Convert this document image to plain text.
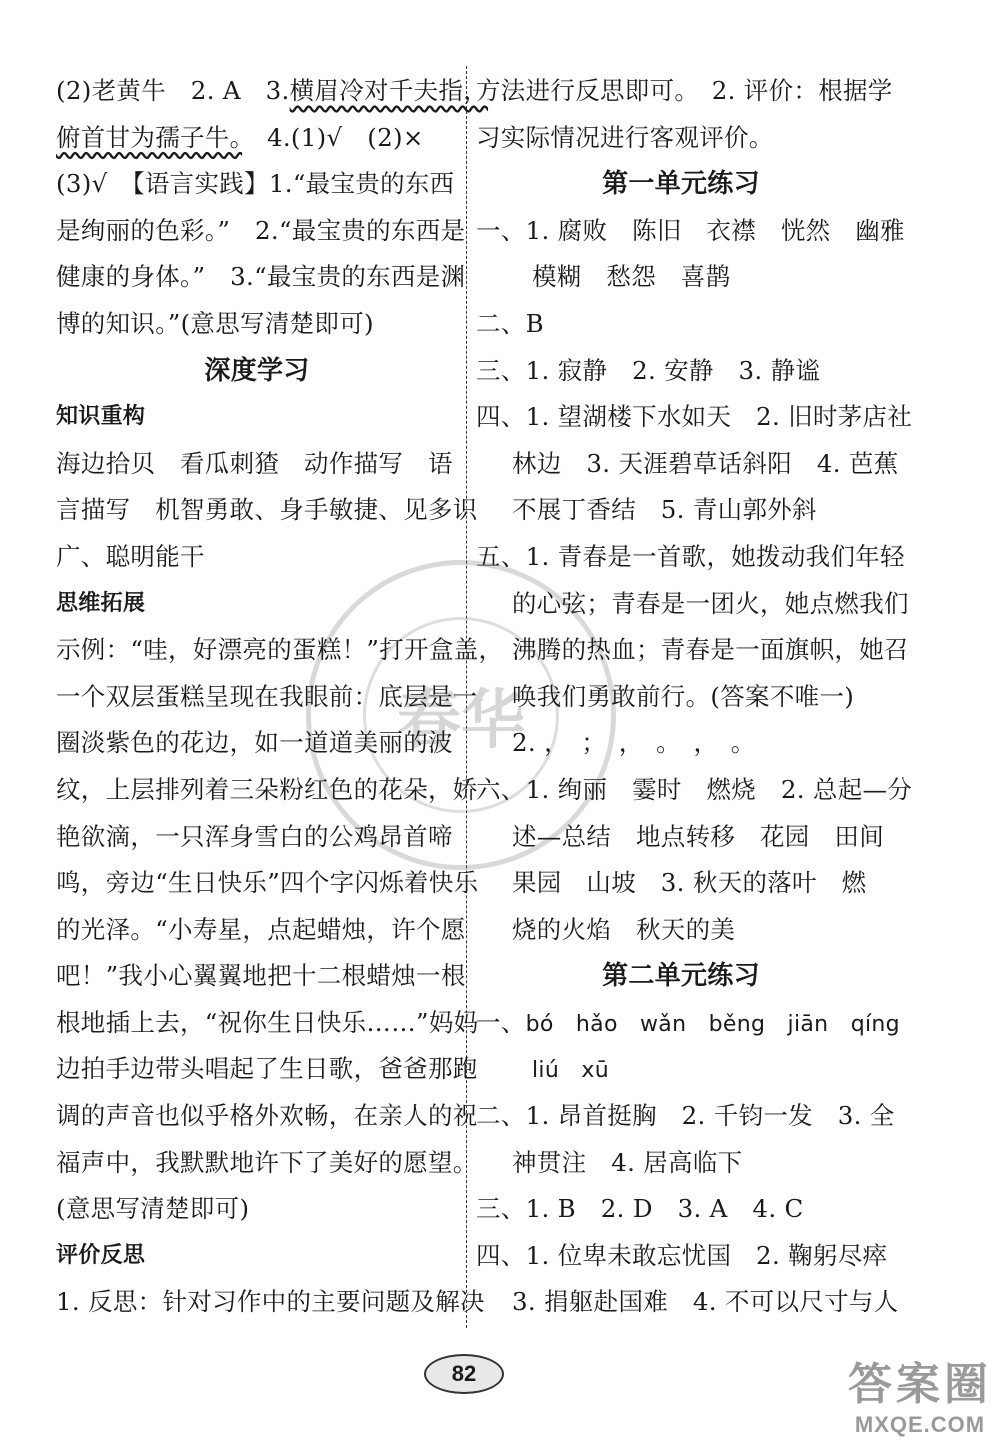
春华
(2)老黄牛　2. A　3.横眉冷对千夫指，
俯首甘为孺子牛。　4.(1)√　(2)×
(3)√　【语言实践】1.“最宝贵的东西
是绚丽的色彩。”　2.“最宝贵的东西是
健康的身体。”　3.“最宝贵的东西是渊
博的知识。”(意思写清楚即可)
深度学习
知识重构
海边拾贝　看瓜刺猹　动作描写　语
言描写　机智勇敢、身手敏捷、见多识
广、聪明能干
思维拓展
示例：“哇，好漂亮的蛋糕！”打开盒盖，
一个双层蛋糕呈现在我眼前：底层是一
圈淡紫色的花边，如一道道美丽的波
纹，上层排列着三朵粉红色的花朵，娇
艳欲滴，一只浑身雪白的公鸡昂首啼
鸣，旁边“生日快乐”四个字闪烁着快乐
的光泽。“小寿星，点起蜡烛，许个愿
吧！”我小心翼翼地把十二根蜡烛一根
根地插上去，“祝你生日快乐……”妈妈
边拍手边带头唱起了生日歌，爸爸那跑
调的声音也似乎格外欢畅，在亲人的祝
福声中，我默默地许下了美好的愿望。
(意思写清楚即可)
评价反思
1. 反思：针对习作中的主要问题及解决
方法进行反思即可。　2. 评价：根据学
习实际情况进行客观评价。
第一单元练习
一、1. 腐败　陈旧　衣襟　恍然　幽雅
模糊　愁怨　喜鹊
二、B
三、1. 寂静　2. 安静　3. 静谧
四、1. 望湖楼下水如天　2. 旧时茅店社
林边　3. 天涯碧草话斜阳　4. 芭蕉
不展丁香结　5. 青山郭外斜
五、1. 青春是一首歌，她拨动我们年轻
的心弦；青春是一团火，她点燃我们
沸腾的热血；青春是一面旗帜，她召
唤我们勇敢前行。(答案不唯一)
2. ，　；　，　。　，　。
六、1. 绚丽　霎时　燃烧　2. 总起—分
述—总结　地点转移　花园　田间
果园　山坡　3. 秋天的落叶　燃
烧的火焰　秋天的美
第二单元练习
一、bó　hǎo　wǎn　běng　jiān　qíng
liú　xū
二、1. 昂首挺胸　2. 千钧一发　3. 全
神贯注　4. 居高临下
三、1. B　2. D　3. A　4. C
四、1. 位卑未敢忘忧国　2. 鞠躬尽瘁
3. 捐躯赴国难　4. 不可以尺寸与人
82	答案圈
MXQE.COM
